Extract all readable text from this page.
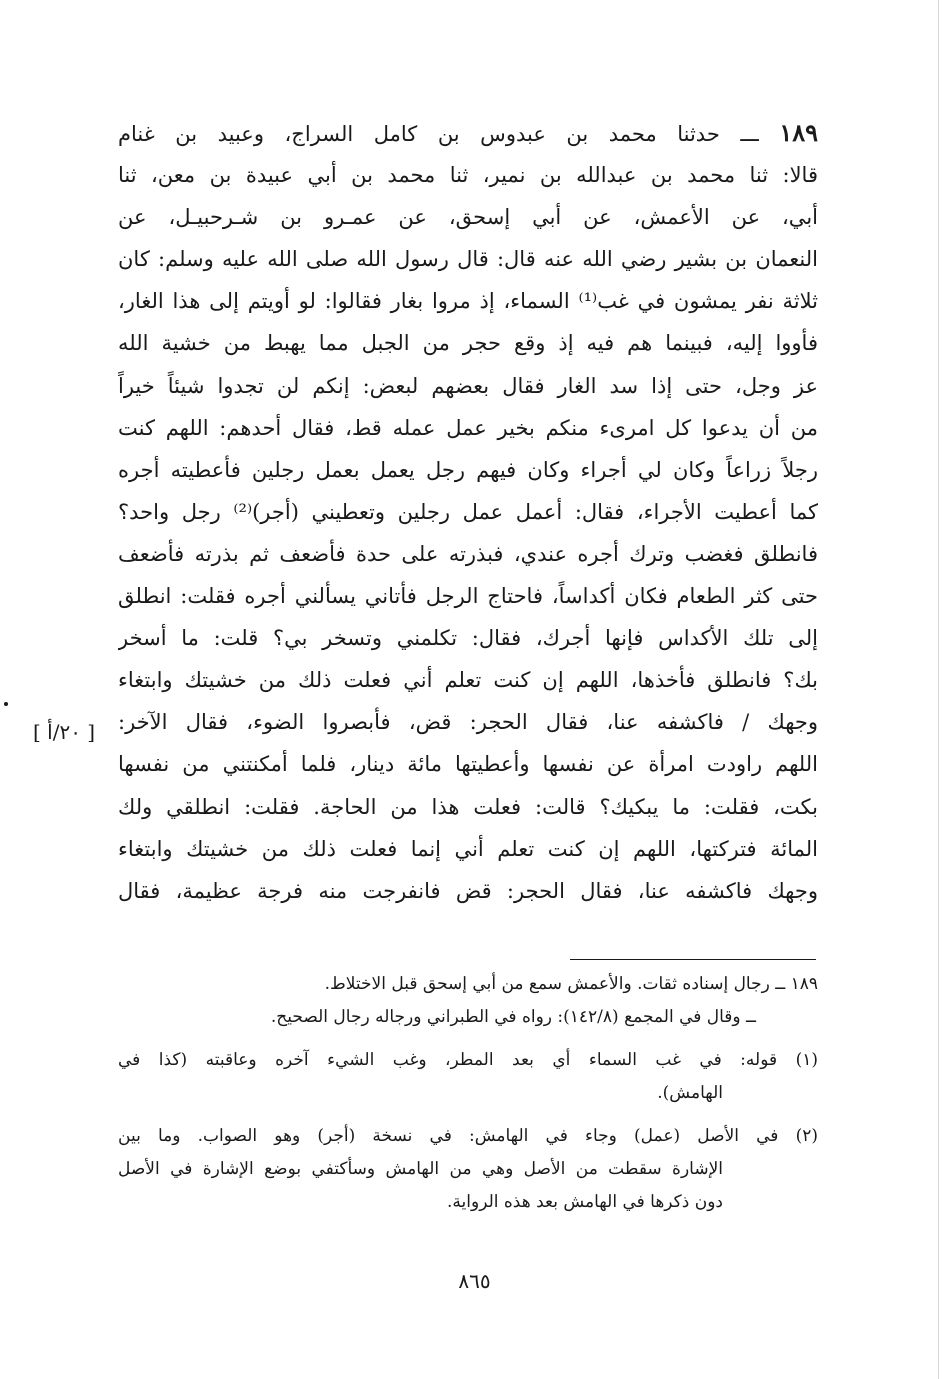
١٨٩ ـــ حدثنا محمد بن عبدوس بن كامل السراج، وعبيد بن غنام
قالا: ثنا محمد بن عبدالله بن نمير، ثنا محمد بن أبي عبيدة بن معن، ثنا
أبي، عن الأعمش، عن أبي إسحق، عن عمـرو بن شـرحبيـل، عن
النعمان بن بشير رضي الله عنه قال: قال رسول الله صلى الله عليه وسلم: كان
ثلاثة نفر يمشون في غب⁽¹⁾ السماء، إذ مروا بغار فقالوا: لو أويتم إلى هذا الغار،
فأووا إليه، فبينما هم فيه إذ وقع حجر من الجبل مما يهبط من خشية الله
عز وجل، حتى إذا سد الغار فقال بعضهم لبعض: إنكم لن تجدوا شيئاً خيراً
من أن يدعوا كل امرىء منكم بخير عمل عمله قط، فقال أحدهم: اللهم كنت
رجلاً زراعاً وكان لي أجراء وكان فيهم رجل يعمل بعمل رجلين فأعطيته أجره
كما أعطيت الأجراء، فقال: أعمل عمل رجلين وتعطيني (أجر)⁽²⁾ رجل واحد؟
فانطلق فغضب وترك أجره عندي، فبذرته على حدة فأضعف ثم بذرته فأضعف
حتى كثر الطعام فكان أكداساً، فاحتاج الرجل فأتاني يسألني أجره فقلت: انطلق
إلى تلك الأكداس فإنها أجرك، فقال: تكلمني وتسخر بي؟ قلت: ما أسخر
بك؟ فانطلق فأخذها، اللهم إن كنت تعلم أني فعلت ذلك من خشيتك وابتغاء
وجهك / فاكشفه عنا، فقال الحجر: قض، فأبصروا الضوء، فقال الآخر:
اللهم راودت امرأة عن نفسها وأعطيتها مائة دينار، فلما أمكنتني من نفسها
بكت، فقلت: ما يبكيك؟ قالت: فعلت هذا من الحاجة. فقلت: انطلقي ولك
المائة فتركتها، اللهم إن كنت تعلم أني إنما فعلت ذلك من خشيتك وابتغاء
وجهك فاكشفه عنا، فقال الحجر: قض فانفرجت منه فرجة عظيمة، فقال
[ ٢٠/أ ]
١٨٩ ــ رجال إسناده ثقات. والأعمش سمع من أبي إسحق قبل الاختلاط.
ــ وقال في المجمع (١٤٢/٨): رواه في الطبراني ورجاله رجال الصحيح.
(١) قوله: في غب السماء أي بعد المطر، وغب الشيء آخره وعاقبته (كذا في
الهامش).
(٢) في الأصل (عمل) وجاء في الهامش: في نسخة (أجر) وهو الصواب. وما بين
الإشارة سقطت من الأصل وهي من الهامش وسأكتفي بوضع الإشارة في الأصل
دون ذكرها في الهامش بعد هذه الرواية.
٨٦٥
